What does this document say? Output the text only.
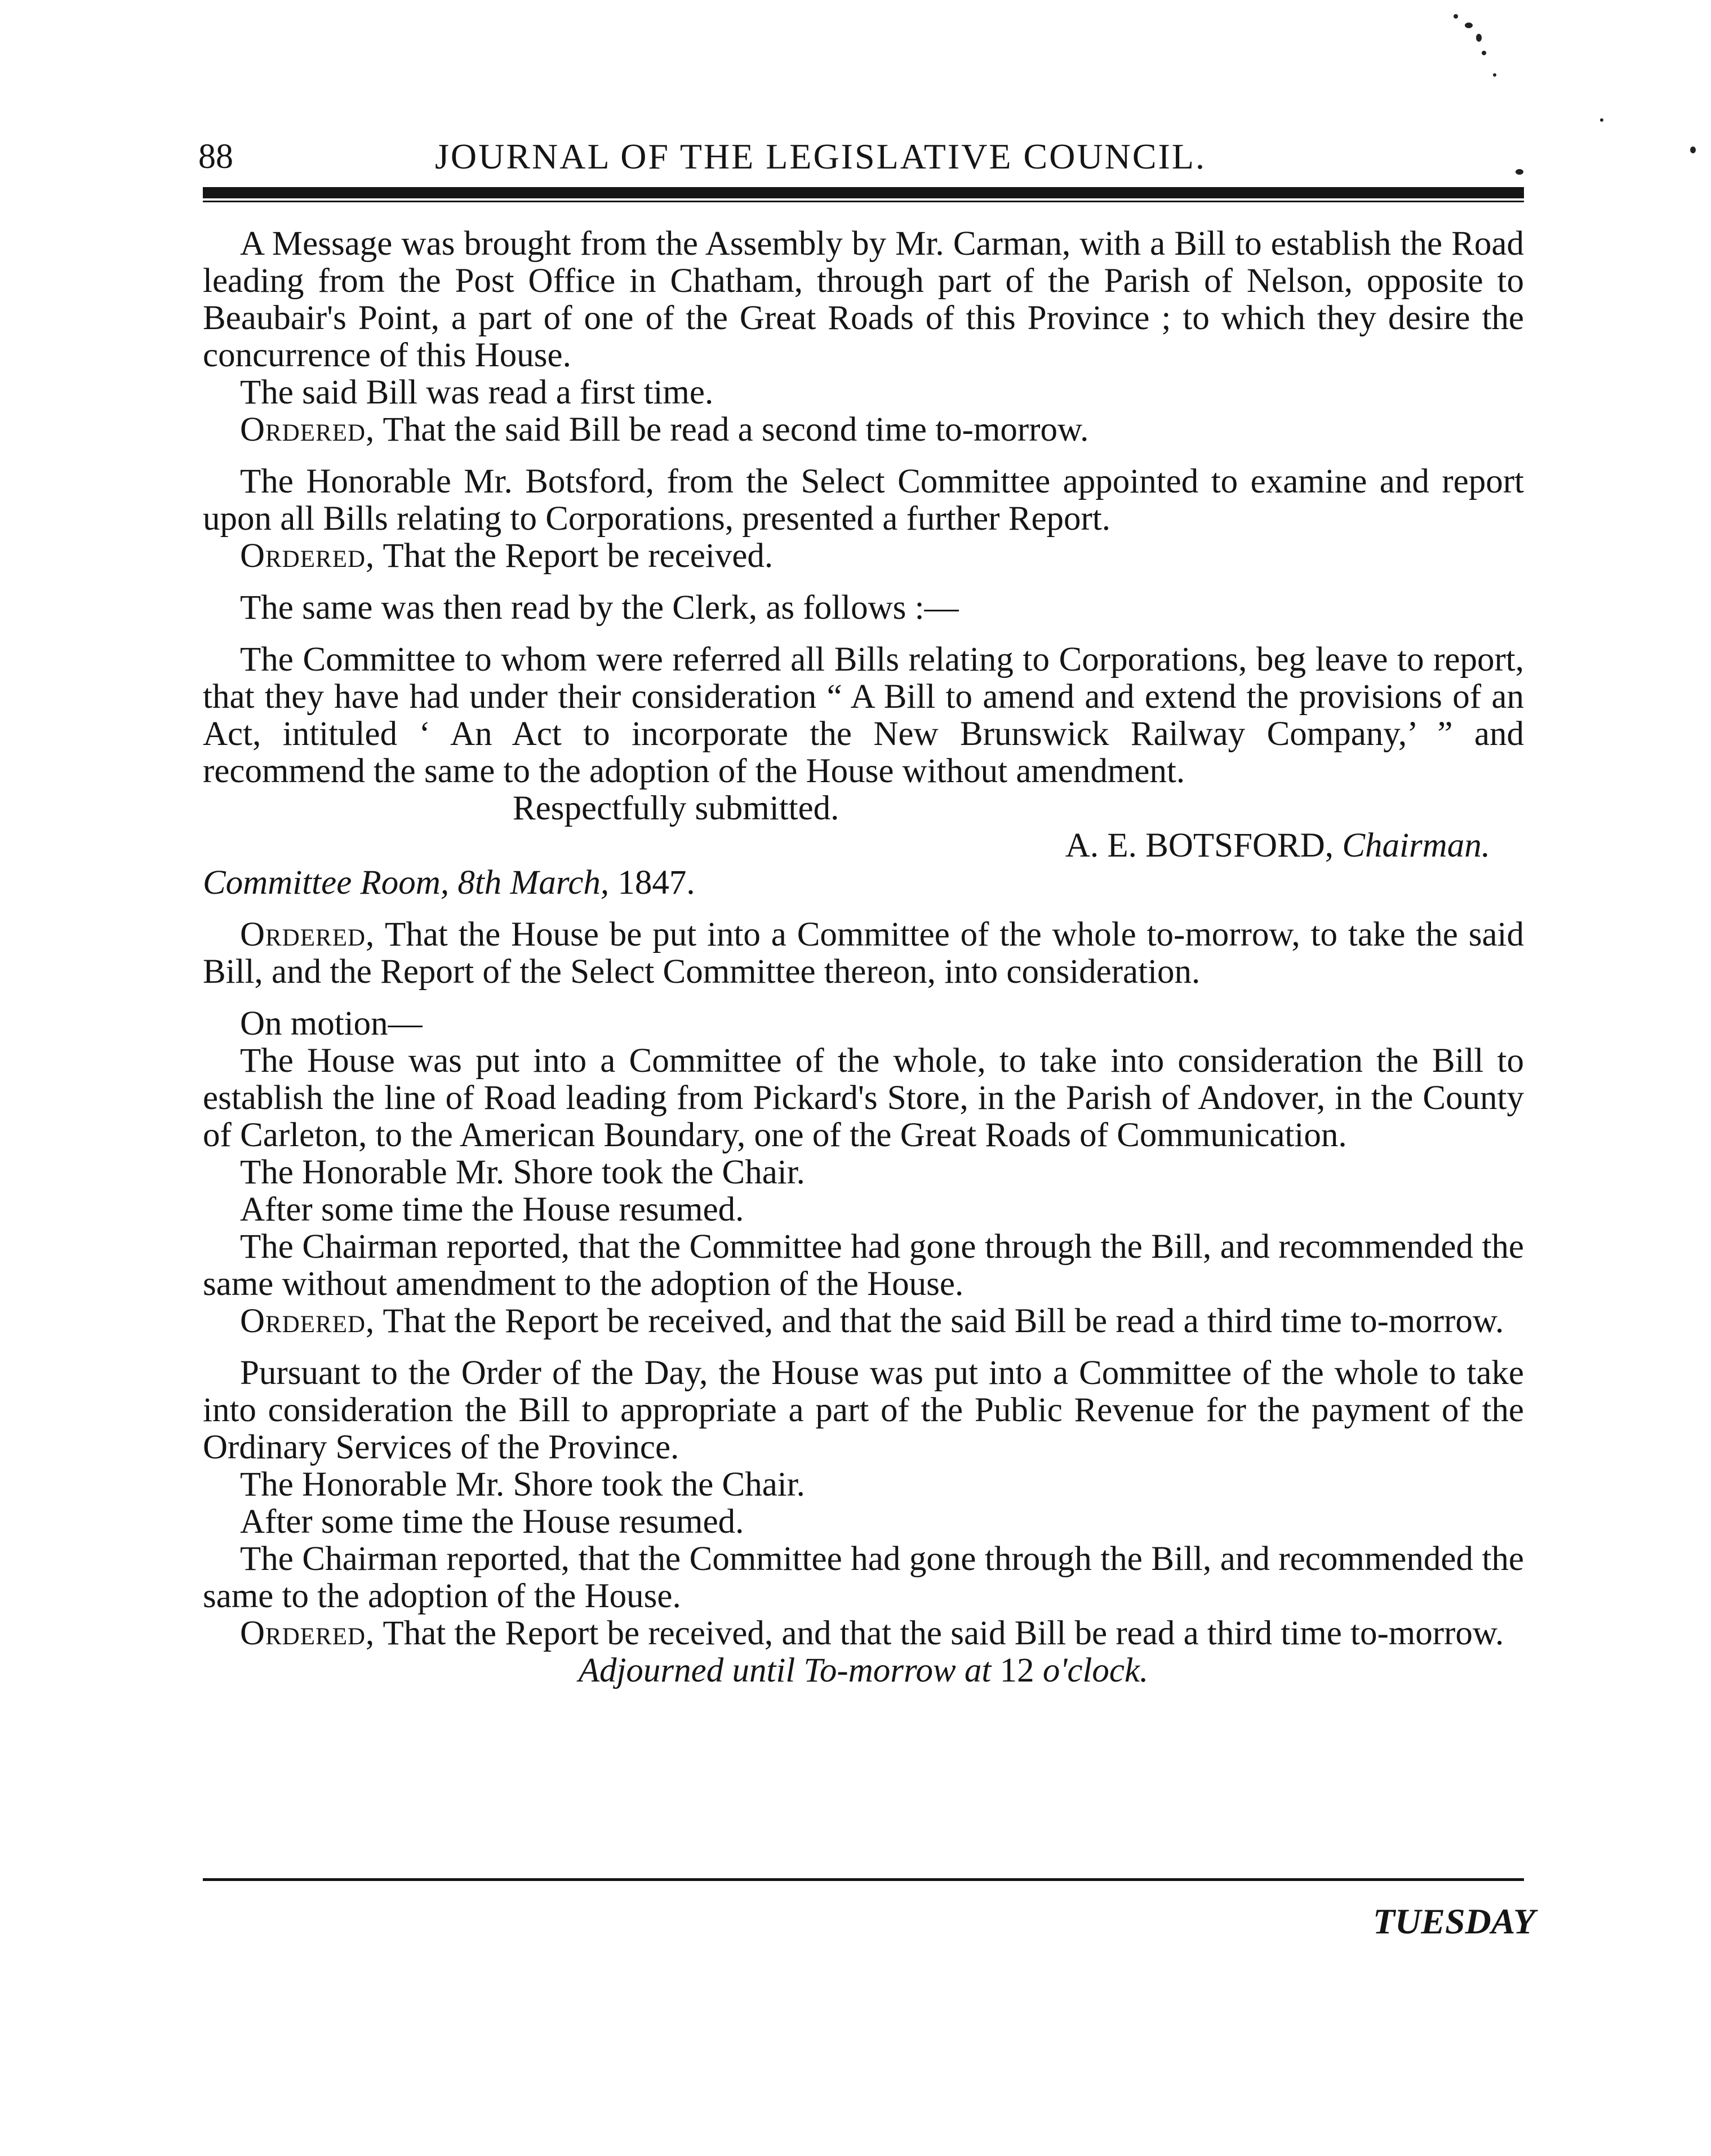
88	JOURNAL OF THE LEGISLATIVE COUNCIL.

A Message was brought from the Assembly by Mr. Carman, with a Bill to establish the Road leading from the Post Office in Chatham, through part of the Parish of Nelson, opposite to Beaubair's Point, a part of one of the Great Roads of this Province ; to which they desire the concurrence of this House.

The said Bill was read a first time.

Ordered, That the said Bill be read a second time to-morrow.

The Honorable Mr. Botsford, from the Select Committee appointed to examine and report upon all Bills relating to Corporations, presented a further Report.

Ordered, That the Report be received.

The same was then read by the Clerk, as follows :—

The Committee to whom were referred all Bills relating to Corporations, beg leave to report, that they have had under their consideration “ A Bill to amend and extend the provisions of an Act, intituled ‘ An Act to incorporate the New Brunswick Railway Company,’ ” and recommend the same to the adoption of the House without amendment.

Respectfully submitted.

A. E. BOTSFORD, Chairman.

Committee Room, 8th March, 1847.

Ordered, That the House be put into a Committee of the whole to-morrow, to take the said Bill, and the Report of the Select Committee thereon, into consideration.

On motion—

The House was put into a Committee of the whole, to take into consideration the Bill to establish the line of Road leading from Pickard's Store, in the Parish of Andover, in the County of Carleton, to the American Boundary, one of the Great Roads of Communication.

The Honorable Mr. Shore took the Chair.

After some time the House resumed.

The Chairman reported, that the Committee had gone through the Bill, and recommended the same without amendment to the adoption of the House.

Ordered, That the Report be received, and that the said Bill be read a third time to-morrow.

Pursuant to the Order of the Day, the House was put into a Committee of the whole to take into consideration the Bill to appropriate a part of the Public Revenue for the payment of the Ordinary Services of the Province.

The Honorable Mr. Shore took the Chair.

After some time the House resumed.

The Chairman reported, that the Committee had gone through the Bill, and recommended the same to the adoption of the House.

Ordered, That the Report be received, and that the said Bill be read a third time to-morrow.

Adjourned until To-morrow at 12 o'clock.

TUESDAY
